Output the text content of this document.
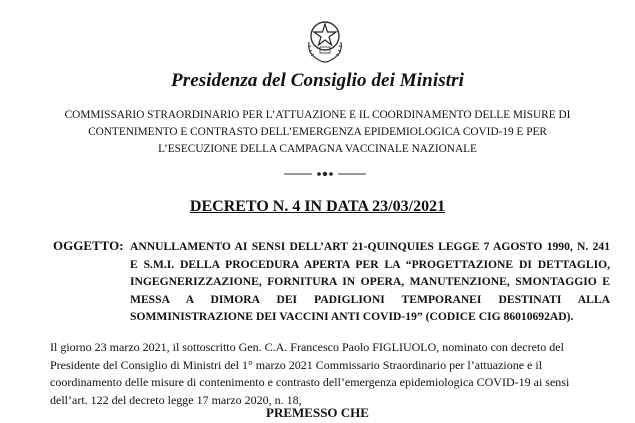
Presidenza del Consiglio dei Ministri
COMMISSARIO STRAORDINARIO PER L’ATTUAZIONE E IL COORDINAMENTO DELLE MISURE DI
CONTENIMENTO E CONTRASTO DELL’EMERGENZA EPIDEMIOLOGICA COVID-19 E PER
L’ESECUZIONE DELLA CAMPAGNA VACCINALE NAZIONALE
DECRETO N. 4 IN DATA 23/03/2021
OGGETTO: ANNULLAMENTO AI SENSI DELL’ART 21-QUINQUIES LEGGE 7 AGOSTO 1990, N. 241
E S.M.I. DELLA PROCEDURA APERTA PER LA “PROGETTAZIONE DI DETTAGLIO,
INGEGNERIZZAZIONE, FORNITURA IN OPERA, MANUTENZIONE, SMONTAGGIO E
MESSA A DIMORA DEI PADIGLIONI TEMPORANEI DESTINATI ALLA
SOMMINISTRAZIONE DEI VACCINI ANTI COVID-19” (CODICE CIG 86010692AD).
Il giorno 23 marzo 2021, il sottoscritto Gen. C.A. Francesco Paolo FIGLIUOLO, nominato con decreto del
Presidente del Consiglio di Ministri del 1° marzo 2021 Commissario Straordinario per l’attuazione e il
coordinamento delle misure di contenimento e contrasto dell’emergenza epidemiologica COVID-19 ai sensi
dell’art. 122 del decreto legge 17 marzo 2020, n. 18,
PREMESSO CHE
